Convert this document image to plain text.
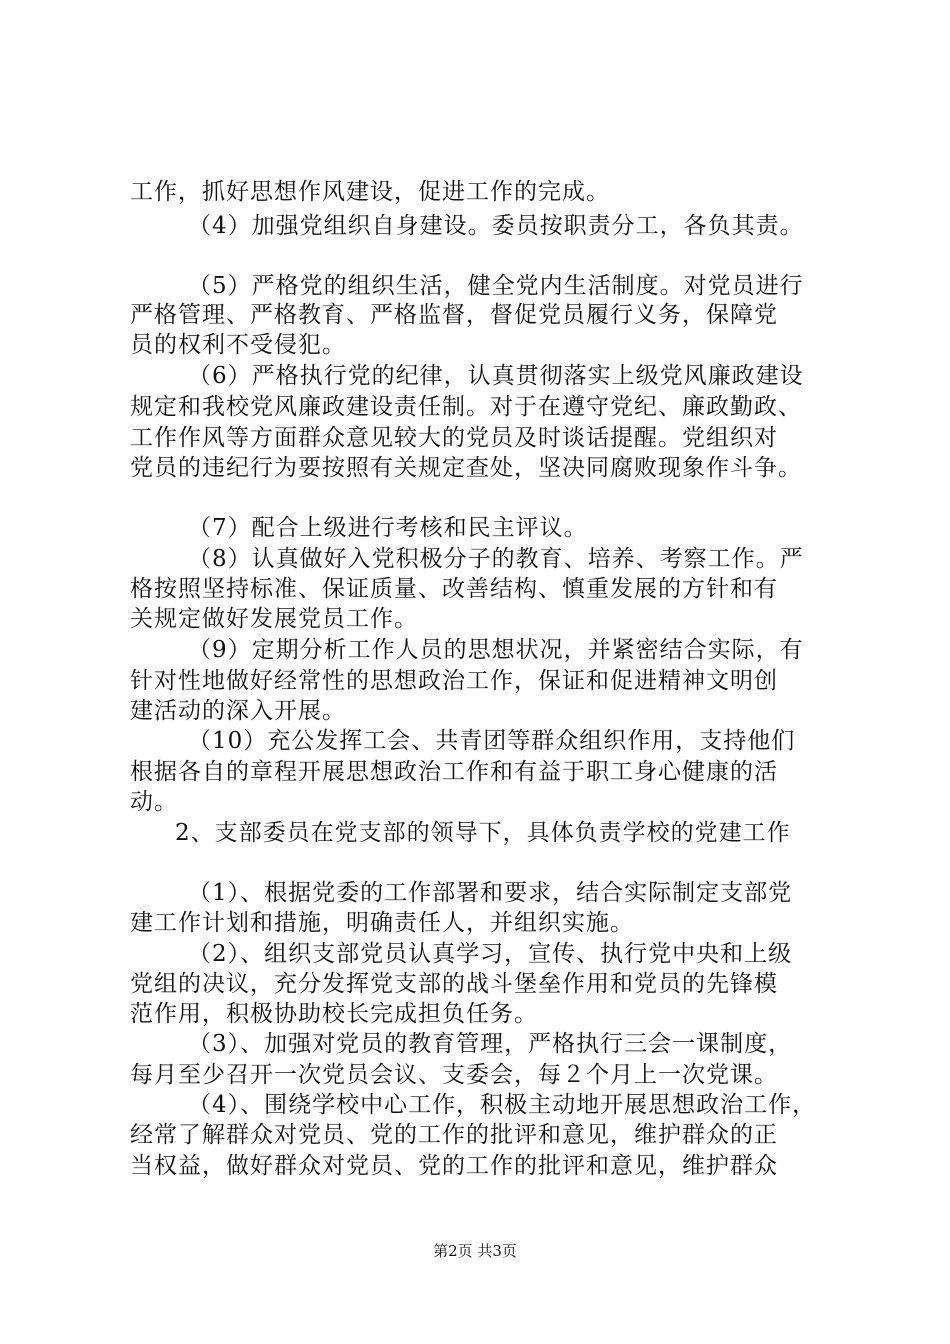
工作，抓好思想作风建设，促进工作的完成。
（4）加强党组织自身建设。委员按职责分工，各负其责。
（5）严格党的组织生活，健全党内生活制度。对党员进行
严格管理、严格教育、严格监督，督促党员履行义务，保障党
员的权利不受侵犯。
（6）严格执行党的纪律，认真贯彻落实上级党风廉政建设
规定和我校党风廉政建设责任制。对于在遵守党纪、廉政勤政、
工作作风等方面群众意见较大的党员及时谈话提醒。党组织对
党员的违纪行为要按照有关规定查处，坚决同腐败现象作斗争。
（7）配合上级进行考核和民主评议。
（8）认真做好入党积极分子的教育、培养、考察工作。严
格按照坚持标准、保证质量、改善结构、慎重发展的方针和有
关规定做好发展党员工作。
（9）定期分析工作人员的思想状况，并紧密结合实际，有
针对性地做好经常性的思想政治工作，保证和促进精神文明创
建活动的深入开展。
（10）充公发挥工会、共青团等群众组织作用，支持他们
根据各自的章程开展思想政治工作和有益于职工身心健康的活
动。
2、支部委员在党支部的领导下，具体负责学校的党建工作
（1）、根据党委的工作部署和要求，结合实际制定支部党
建工作计划和措施，明确责任人，并组织实施。
（2）、组织支部党员认真学习，宣传、执行党中央和上级
党组的决议，充分发挥党支部的战斗堡垒作用和党员的先锋模
范作用，积极协助校长完成担负任务。
（3）、加强对党员的教育管理，严格执行三会一课制度，
每月至少召开一次党员会议、支委会，每２个月上一次党课。
（4）、围绕学校中心工作，积极主动地开展思想政治工作，
经常了解群众对党员、党的工作的批评和意见，维护群众的正
当权益，做好群众对党员、党的工作的批评和意见，维护群众
第2页 共3页
